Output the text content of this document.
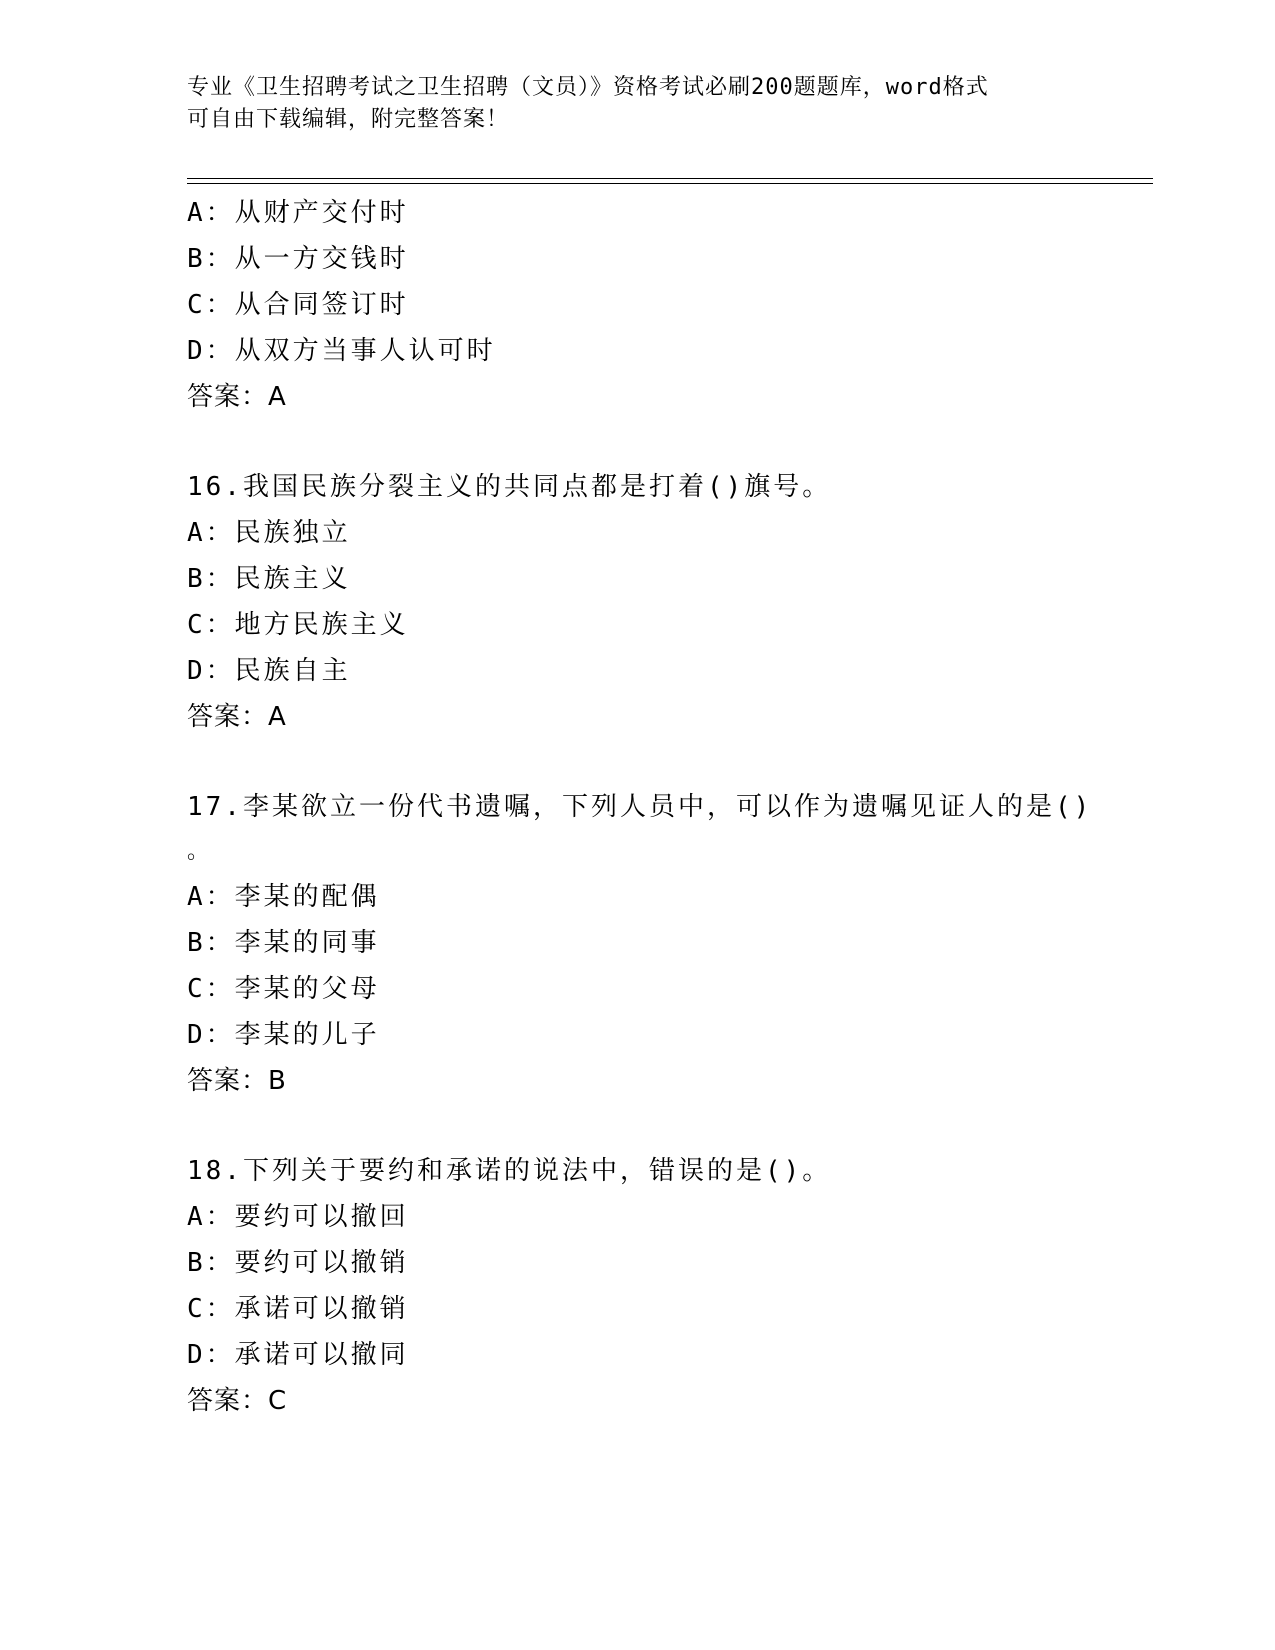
专业《卫生招聘考试之卫生招聘（文员）》资格考试必刷200题题库，word格式
可自由下载编辑，附完整答案！
A：从财产交付时
B：从一方交钱时
C：从合同签订时
D：从双方当事人认可时
答案：A
16.我国民族分裂主义的共同点都是打着()旗号。
A：民族独立
B：民族主义
C：地方民族主义
D：民族自主
答案：A
17.李某欲立一份代书遗嘱，下列人员中，可以作为遗嘱见证人的是()
。
A：李某的配偶
B：李某的同事
C：李某的父母
D：李某的儿子
答案：B
18.下列关于要约和承诺的说法中，错误的是()。
A：要约可以撤回
B：要约可以撤销
C：承诺可以撤销
D：承诺可以撤同
答案：C
